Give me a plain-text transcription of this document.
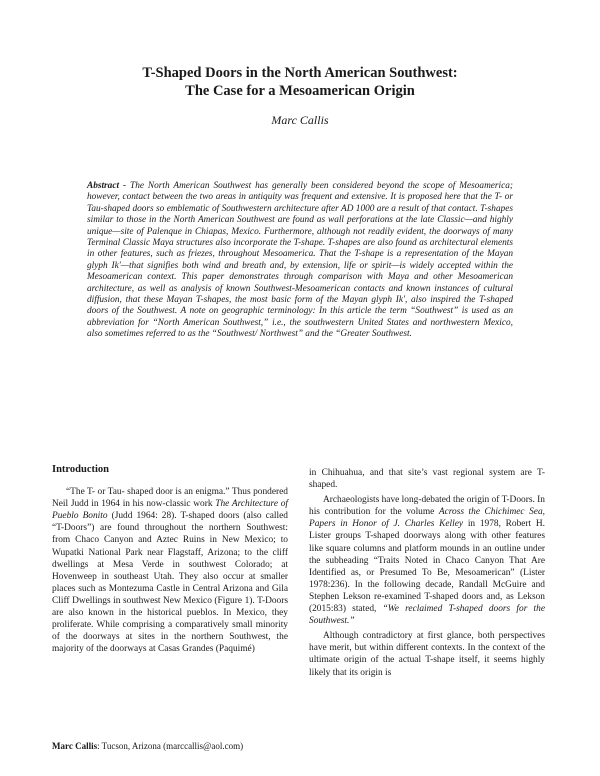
T-Shaped Doors in the North American Southwest:
The Case for a Mesoamerican Origin
Marc Callis
Abstract - The North American Southwest has generally been considered beyond the scope of Mesoamerica; however, contact between the two areas in antiquity was frequent and extensive. It is proposed here that the T- or Tau-shaped doors so emblematic of Southwestern architecture after AD 1000 are a result of that contact. T-shapes similar to those in the North American Southwest are found as wall perforations at the late Classic—and highly unique—site of Palenque in Chiapas, Mexico. Furthermore, although not readily evident, the doorways of many Terminal Classic Maya structures also incorporate the T-shape. T-shapes are also found as architectural elements in other features, such as friezes, throughout Mesoamerica. That the T-shape is a representation of the Mayan glyph Ik'—that signifies both wind and breath and, by extension, life or spirit—is widely accepted within the Mesoamerican context. This paper demonstrates through comparison with Maya and other Mesoamerican architecture, as well as analysis of known Southwest-Mesoamerican contacts and known instances of cultural diffusion, that these Mayan T-shapes, the most basic form of the Mayan glyph Ik', also inspired the T-shaped doors of the Southwest. A note on geographic terminology: In this article the term “Southwest” is used as an abbreviation for “North American Southwest,” i.e., the southwestern United States and northwestern Mexico, also sometimes referred to as the “Southwest/ Northwest” and the “Greater Southwest.
Introduction

“The T- or Tau- shaped door is an enigma.” Thus pondered Neil Judd in 1964 in his now-classic work The Architecture of Pueblo Bonito (Judd 1964: 28). T-shaped doors (also called “T-Doors”) are found throughout the northern Southwest: from Chaco Canyon and Aztec Ruins in New Mexico; to Wupatki National Park near Flagstaff, Arizona; to the cliff dwellings at Mesa Verde in southwest Colorado; at Hovenweep in southeast Utah. They also occur at smaller places such as Montezuma Castle in Central Arizona and Gila Cliff Dwellings in southwest New Mexico (Figure 1). T-Doors are also known in the historical pueblos. In Mexico, they proliferate. While comprising a comparatively small minority of the doorways at sites in the northern Southwest, the majority of the doorways at Casas Grandes (Paquimé)

in Chihuahua, and that site’s vast regional system are T-shaped.

Archaeologists have long-debated the origin of T-Doors. In his contribution for the volume Across the Chichimec Sea, Papers in Honor of J. Charles Kelley in 1978, Robert H. Lister groups T-shaped doorways along with other features like square columns and platform mounds in an outline under the subheading “Traits Noted in Chaco Canyon That Are Identified as, or Presumed To Be, Mesoamerican” (Lister 1978:236). In the following decade, Randall McGuire and Stephen Lekson re-examined T-shaped doors and, as Lekson (2015:83) stated, “We reclaimed T-shaped doors for the Southwest.”

Although contradictory at first glance, both perspectives have merit, but within different contexts. In the context of the ultimate origin of the actual T-shape itself, it seems highly likely that its origin is

Marc Callis: Tucson, Arizona (marccallis@aol.com)
